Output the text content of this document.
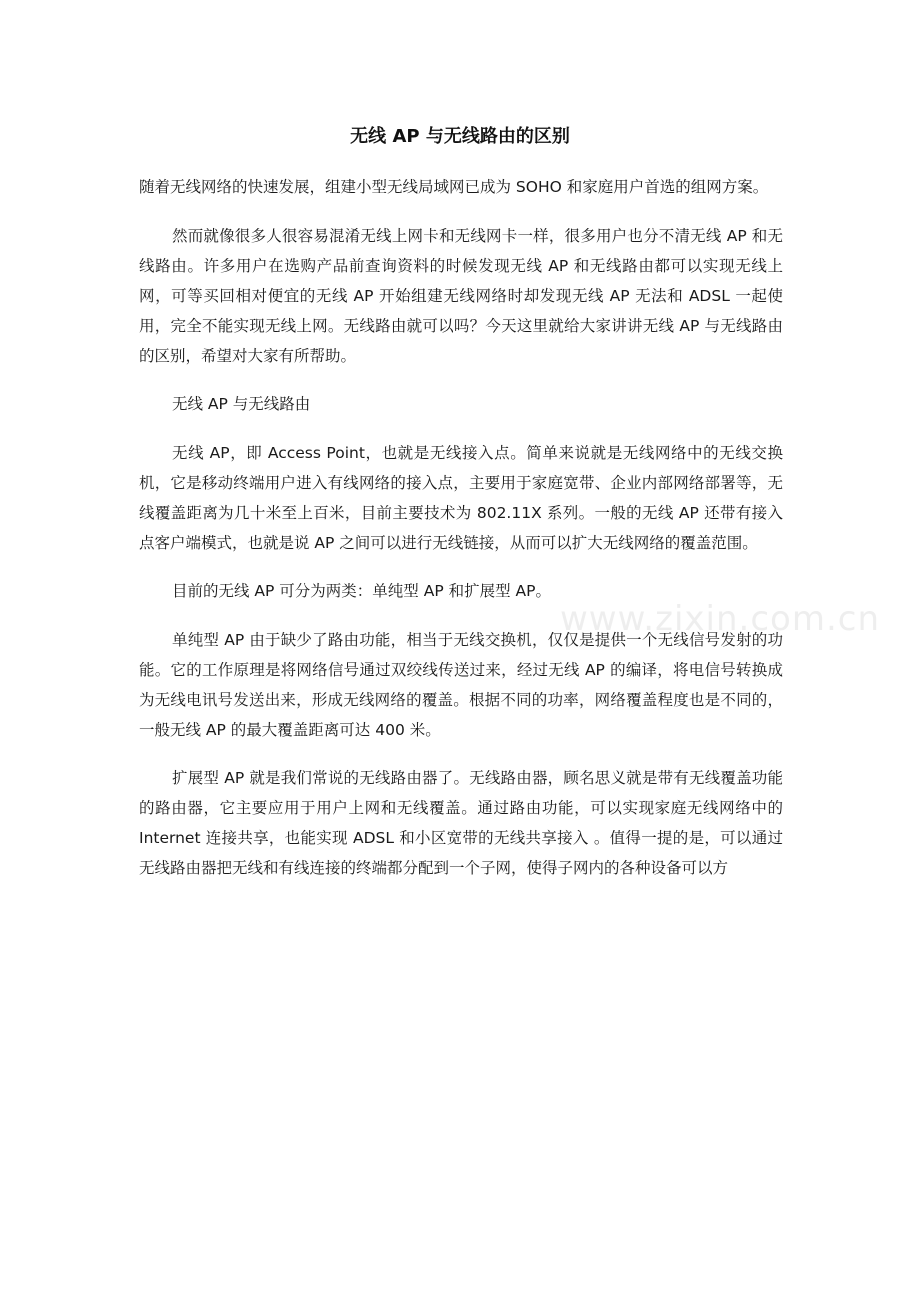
无线 AP 与无线路由的区别

随着无线网络的快速发展，组建小型无线局域网已成为 SOHO 和家庭用户首选的组网方案。

然而就像很多人很容易混淆无线上网卡和无线网卡一样，很多用户也分不清无线 AP 和无线路由。许多用户在选购产品前查询资料的时候发现无线 AP 和无线路由都可以实现无线上网，可等买回相对便宜的无线 AP 开始组建无线网络时却发现无线 AP 无法和 ADSL 一起使用，完全不能实现无线上网。无线路由就可以吗？今天这里就给大家讲讲无线 AP 与无线路由的区别，希望对大家有所帮助。

无线 AP 与无线路由

无线 AP，即 Access Point，也就是无线接入点。简单来说就是无线网络中的无线交换机，它是移动终端用户进入有线网络的接入点，主要用于家庭宽带、企业内部网络部署等，无线覆盖距离为几十米至上百米，目前主要技术为 802.11X 系列。一般的无线 AP 还带有接入点客户端模式，也就是说 AP 之间可以进行无线链接，从而可以扩大无线网络的覆盖范围。

目前的无线 AP 可分为两类：单纯型 AP 和扩展型 AP。

单纯型 AP 由于缺少了路由功能，相当于无线交换机，仅仅是提供一个无线信号发射的功能。它的工作原理是将网络信号通过双绞线传送过来，经过无线 AP 的编译，将电信号转换成为无线电讯号发送出来，形成无线网络的覆盖。根据不同的功率，网络覆盖程度也是不同的，一般无线 AP 的最大覆盖距离可达 400 米。

扩展型 AP 就是我们常说的无线路由器了。无线路由器，顾名思义就是带有无线覆盖功能的路由器，它主要应用于用户上网和无线覆盖。通过路由功能，可以实现家庭无线网络中的 Internet 连接共享，也能实现 ADSL 和小区宽带的无线共享接入 。值得一提的是，可以通过无线路由器把无线和有线连接的终端都分配到一个子网，使得子网内的各种设备可以方

www.zixin.com.cn
